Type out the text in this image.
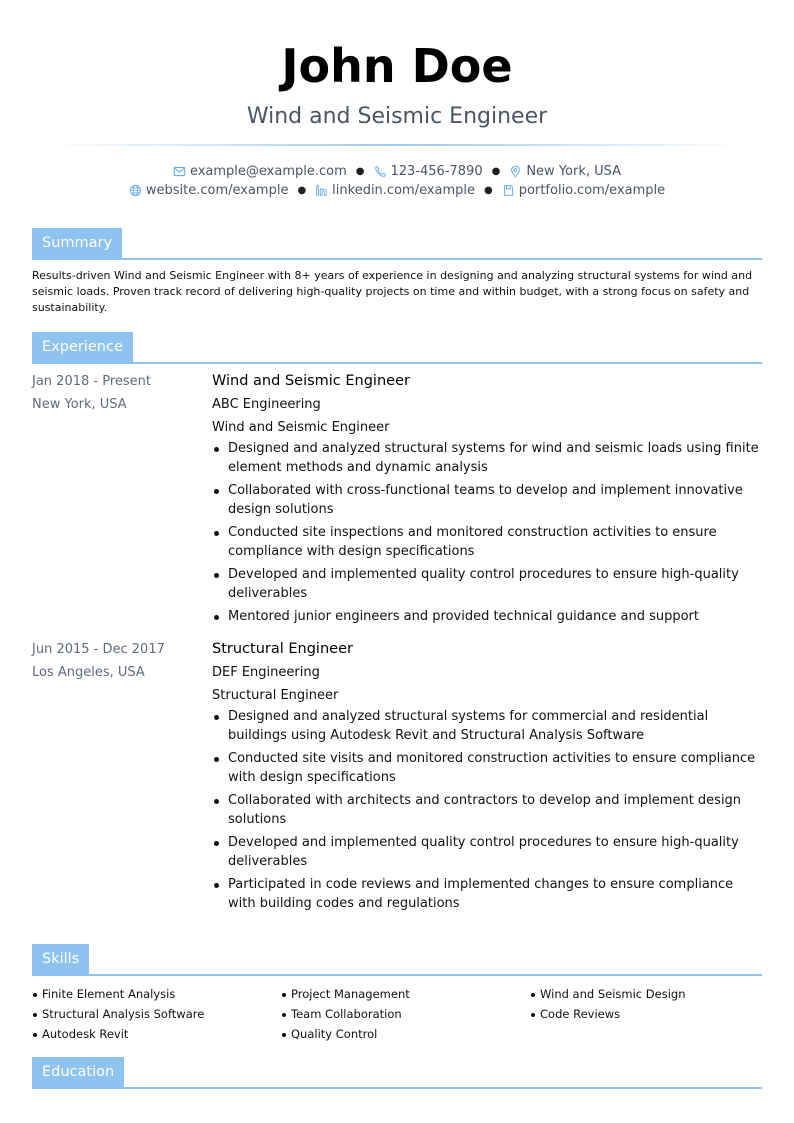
John Doe
Wind and Seismic Engineer
example@example.com ● 123-456-7890 ● New York, USA
website.com/example ● linkedin.com/example ● portfolio.com/example
Summary

Results-driven Wind and Seismic Engineer with 8+ years of experience in designing and analyzing structural systems for wind and seismic loads. Proven track record of delivering high-quality projects on time and within budget, with a strong focus on safety and sustainability.

Experience
Jan 2018 - Present
New York, USA
Wind and Seismic Engineer
ABC Engineering
Wind and Seismic Engineer
Designed and analyzed structural systems for wind and seismic loads using finite element methods and dynamic analysis
Collaborated with cross-functional teams to develop and implement innovative design solutions
Conducted site inspections and monitored construction activities to ensure compliance with design specifications
Developed and implemented quality control procedures to ensure high-quality deliverables
Mentored junior engineers and provided technical guidance and support
Jun 2015 - Dec 2017
Los Angeles, USA
Structural Engineer
DEF Engineering
Structural Engineer
Designed and analyzed structural systems for commercial and residential buildings using Autodesk Revit and Structural Analysis Software
Conducted site visits and monitored construction activities to ensure compliance with design specifications
Collaborated with architects and contractors to develop and implement design solutions
Developed and implemented quality control procedures to ensure high-quality deliverables
Participated in code reviews and implemented changes to ensure compliance with building codes and regulations
Skills
Finite Element Analysis	Project Management	Wind and Seismic Design
Structural Analysis Software	Team Collaboration	Code Reviews
Autodesk Revit	Quality Control
Education
